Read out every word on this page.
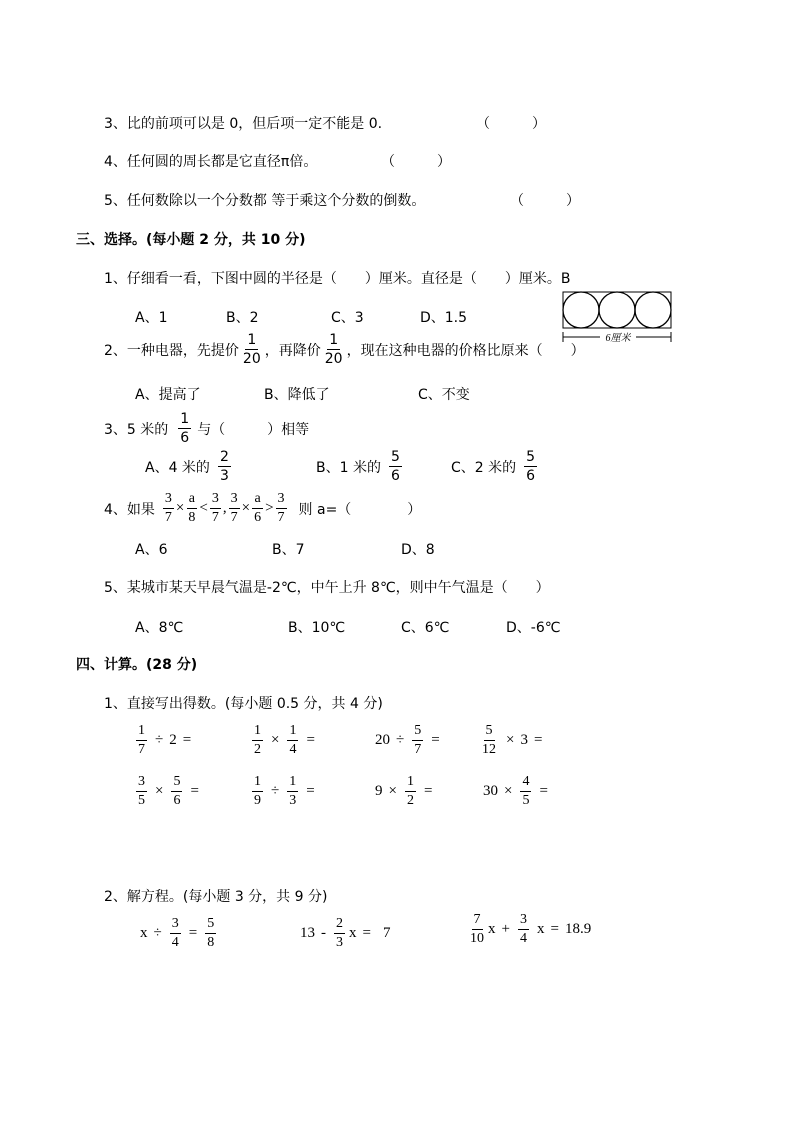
3、比的前项可以是 0，但后项一定不能是 0.	（　　　）
4、任何圆的周长都是它直径π倍。	（　　　）
5、任何数除以一个分数都 等于乘这个分数的倒数。	（　　　）
三、选择。(每小题 2 分，共 10 分)
1、仔细看一看，下图中圆的半径是（　　）厘米。直径是（　　）厘米。B
A、1	B、2	C、3	D、1.5
6厘米
2、一种电器，先提价 $\frac{1}{20}$ ，再降价 $\frac{1}{20}$ ，现在这种电器的价格比原来（　　）
A、提高了	B、降低了	C、不变
3、5 米的 $\frac{1}{6}$ 与（　　　）相等
A、4 米的 $\frac{2}{3}$	B、1 米的 $\frac{5}{6}$	C、2 米的 $\frac{5}{6}$
4、如果 $\frac{3}{7} \times \frac{a}{8} < \frac{3}{7}$ , $\frac{3}{7} \times \frac{a}{6} > \frac{3}{7}$ 则 a=（　　　　）
A、6	B、7	D、8
5、某城市某天早晨气温是-2℃，中午上升 8℃，则中午气温是（　　）
A、8℃	B、10℃	C、6℃	D、-6℃
四、计算。(28 分)
1、直接写出得数。(每小题 0.5 分，共 4 分)
$\frac{1}{7} \div 2$ =	$\frac{1}{2} \times \frac{1}{4}$ =	$20 \div \frac{5}{7}$ =	$\frac{5}{12} \times 3$ =
$\frac{3}{5} \times \frac{5}{6}$ =	$\frac{1}{9} \div \frac{1}{3}$ =	$9 \times \frac{1}{2}$ =	$30 \times \frac{4}{5}$ =
2、解方程。(每小题 3 分，共 9 分)
$x \div \frac{3}{4} = \frac{5}{8}$	$13 - \frac{2}{3}$ x = 7	$\frac{7}{10}$ $x + \frac{3}{4}$ x = 18.9
